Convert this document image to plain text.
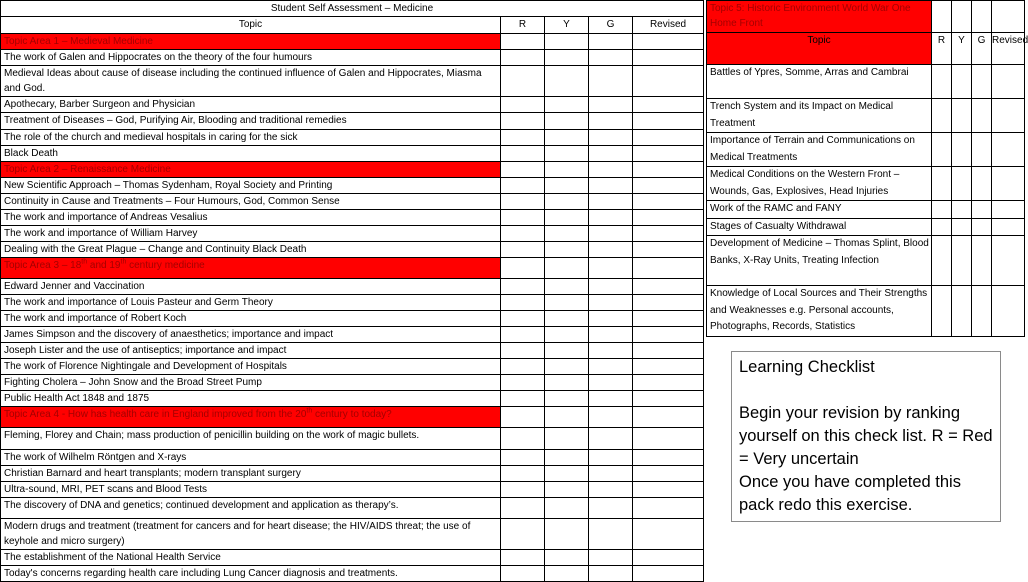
Student Self Assessment – Medicine				
Topic	R	Y	G	Revised
Topic Area 1 – Medieval Medicine				
The work of Galen and Hippocrates on the theory of the four humours				
Medieval Ideas about cause of disease including the continued influence of Galen and Hippocrates, Miasma and God.				
Apothecary, Barber Surgeon and Physician				
Treatment of Diseases – God, Purifying Air, Blooding and traditional remedies				
The role of the church and medieval hospitals in caring for the sick				
Black Death				
Topic Area 2 – Renaissance Medicine				
New Scientific Approach – Thomas Sydenham, Royal Society and Printing				
Continuity in Cause and Treatments – Four Humours, God, Common Sense				
The work and importance of Andreas Vesalius				
The work and importance of William Harvey				
Dealing with the Great Plague – Change and Continuity Black Death				
Topic Area 3 – 18th and 19th century medicine				
Edward Jenner and Vaccination				
The work and importance of Louis Pasteur and Germ Theory				
The work and importance of Robert Koch				
James Simpson and the discovery of anaesthetics; importance and impact				
Joseph Lister and the use of antiseptics; importance and impact				
The work of Florence Nightingale and Development of Hospitals				
Fighting Cholera – John Snow and the Broad Street Pump				
Public Health Act 1848 and 1875				
Topic Area 4 - How has health care in England improved from the 20th century to today?				
Fleming, Florey and Chain; mass production of penicillin building on the work of magic bullets.				
The work of Wilhelm Röntgen and X-rays				
Christian Barnard and heart transplants; modern transplant surgery				
Ultra-sound, MRI, PET scans and Blood Tests				
The discovery of DNA and genetics; continued development and application as therapy’s.				
Modern drugs and treatment (treatment for cancers and for heart disease; the HIV/AIDS threat; the use of keyhole and micro surgery)				
The establishment of the National Health Service				
Today's concerns regarding health care including Lung Cancer diagnosis and treatments.				
Topic 5: Historic Environment World War One Home Front				
Topic	R	Y	G	Revised
Battles of Ypres, Somme, Arras and Cambrai				
Trench System and its Impact on Medical Treatment				
Importance of Terrain and Communications on Medical Treatments				
Medical Conditions on the Western Front – Wounds, Gas, Explosives, Head Injuries				
Work of the RAMC and FANY				
Stages of Casualty Withdrawal				
Development of Medicine – Thomas Splint, Blood Banks, X-Ray Units, Treating Infection				
Knowledge of Local Sources and Their Strengths and Weaknesses e.g. Personal accounts, Photographs, Records, Statistics				

Learning Checklist

Begin your revision by ranking yourself on this check list. R = Red = Very uncertain

Once you have completed this pack redo this exercise.
